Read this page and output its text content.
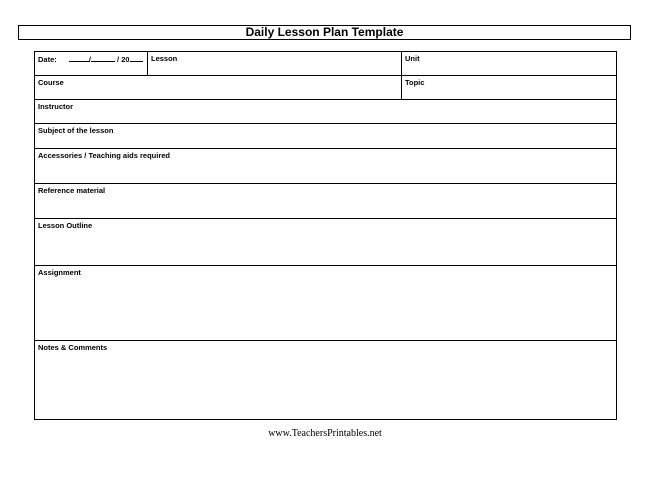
Daily Lesson Plan Template
Date: / / 20	Lesson	Unit
Course		Topic
Instructor		
Subject of the lesson		
Accessories / Teaching aids required		
Reference material		
Lesson Outline		
Assignment		
Notes & Comments		
www.TeachersPrintables.net
